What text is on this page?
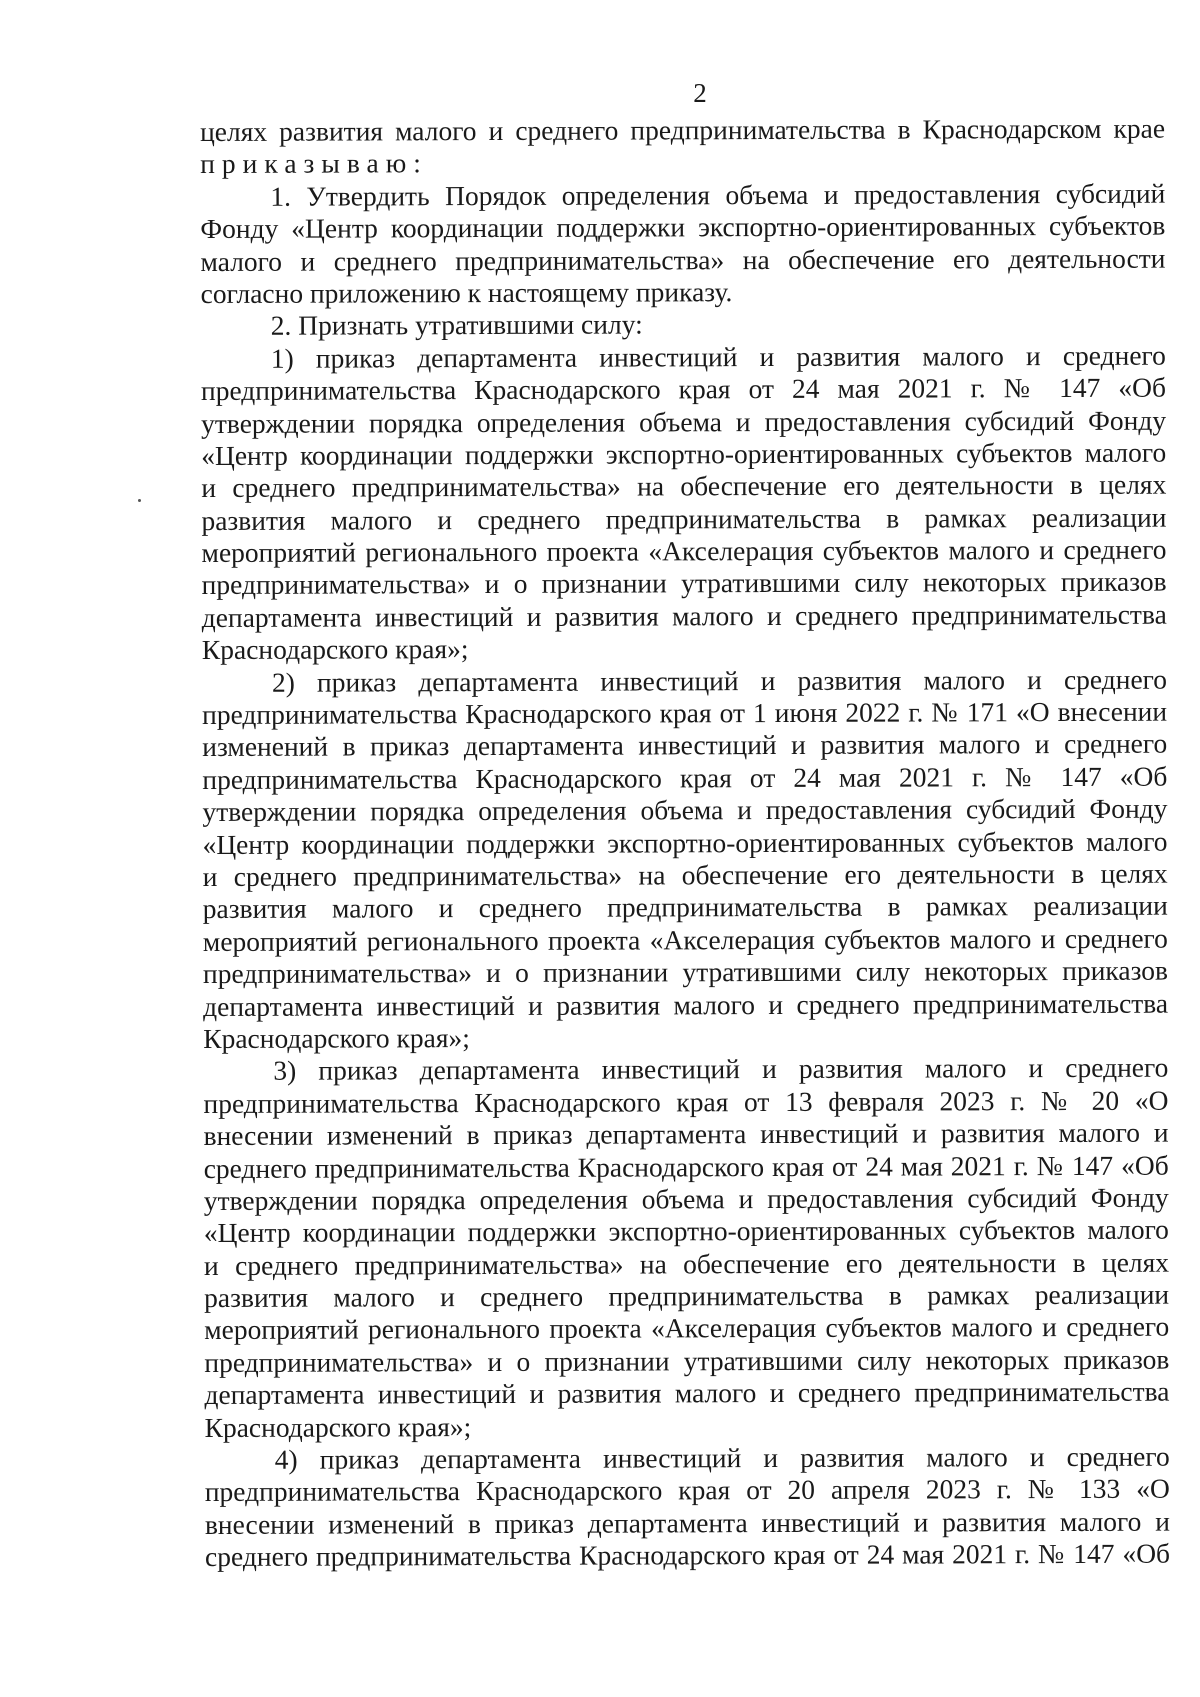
2
целях развития малого и среднего предпринимательства в Краснодарском крае
приказываю:
1. Утвердить Порядок определения объема и предоставления субсидий
Фонду «Центр координации поддержки экспортно-ориентированных субъектов
малого и среднего предпринимательства» на обеспечение его деятельности
согласно приложению к настоящему приказу.
2. Признать утратившими силу:
1) приказ департамента инвестиций и развития малого и среднего
предпринимательства Краснодарского края от 24 мая 2021 г. № 147 «Об
утверждении порядка определения объема и предоставления субсидий Фонду
«Центр координации поддержки экспортно-ориентированных субъектов малого
и среднего предпринимательства» на обеспечение его деятельности в целях
развития малого и среднего предпринимательства в рамках реализации
мероприятий регионального проекта «Акселерация субъектов малого и среднего
предпринимательства» и о признании утратившими силу некоторых приказов
департамента инвестиций и развития малого и среднего предпринимательства
Краснодарского края»;
2) приказ департамента инвестиций и развития малого и среднего
предпринимательства Краснодарского края от 1 июня 2022 г. № 171 «О внесении
изменений в приказ департамента инвестиций и развития малого и среднего
предпринимательства Краснодарского края от 24 мая 2021 г. № 147 «Об
утверждении порядка определения объема и предоставления субсидий Фонду
«Центр координации поддержки экспортно-ориентированных субъектов малого
и среднего предпринимательства» на обеспечение его деятельности в целях
развития малого и среднего предпринимательства в рамках реализации
мероприятий регионального проекта «Акселерация субъектов малого и среднего
предпринимательства» и о признании утратившими силу некоторых приказов
департамента инвестиций и развития малого и среднего предпринимательства
Краснодарского края»;
3) приказ департамента инвестиций и развития малого и среднего
предпринимательства Краснодарского края от 13 февраля 2023 г. № 20 «О
внесении изменений в приказ департамента инвестиций и развития малого и
среднего предпринимательства Краснодарского края от 24 мая 2021 г. № 147 «Об
утверждении порядка определения объема и предоставления субсидий Фонду
«Центр координации поддержки экспортно-ориентированных субъектов малого
и среднего предпринимательства» на обеспечение его деятельности в целях
развития малого и среднего предпринимательства в рамках реализации
мероприятий регионального проекта «Акселерация субъектов малого и среднего
предпринимательства» и о признании утратившими силу некоторых приказов
департамента инвестиций и развития малого и среднего предпринимательства
Краснодарского края»;
4) приказ департамента инвестиций и развития малого и среднего
предпринимательства Краснодарского края от 20 апреля 2023 г. № 133 «О
внесении изменений в приказ департамента инвестиций и развития малого и
среднего предпринимательства Краснодарского края от 24 мая 2021 г. № 147 «Об
